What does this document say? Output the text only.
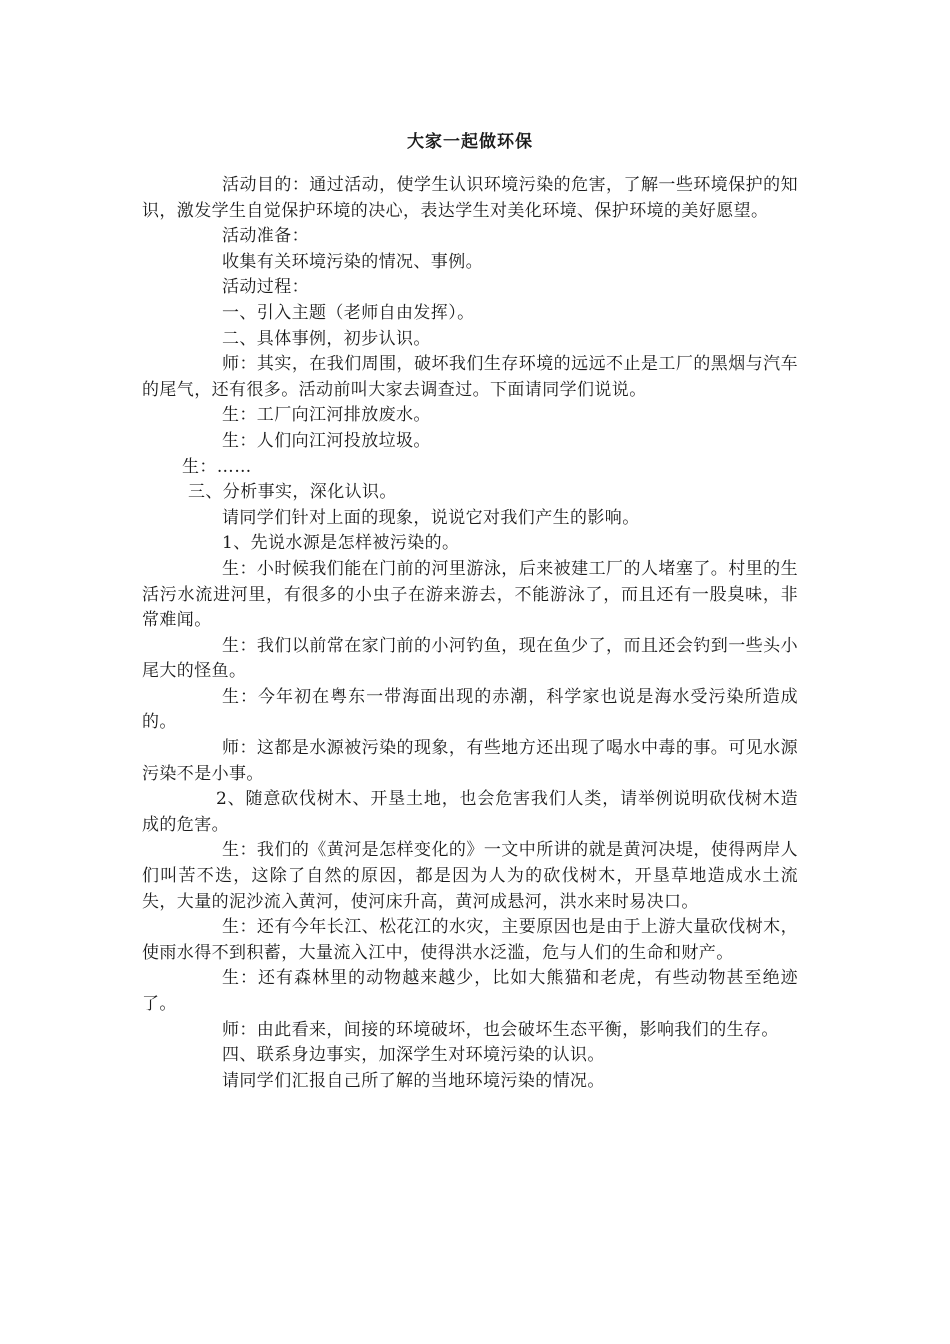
大家一起做环保

活动目的：通过活动，使学生认识环境污染的危害，了解一些环境保护的知识，激发学生自觉保护环境的决心，表达学生对美化环境、保护环境的美好愿望。

活动准备：

收集有关环境污染的情况、事例。

活动过程：

一、引入主题（老师自由发挥）。

二、具体事例，初步认识。

师：其实，在我们周围，破坏我们生存环境的远远不止是工厂的黑烟与汽车的尾气，还有很多。活动前叫大家去调查过。下面请同学们说说。

生：工厂向江河排放废水。

生：人们向江河投放垃圾。

生：……

三、分析事实，深化认识。

请同学们针对上面的现象，说说它对我们产生的影响。

1、先说水源是怎样被污染的。

生：小时候我们能在门前的河里游泳，后来被建工厂的人堵塞了。村里的生活污水流进河里，有很多的小虫子在游来游去，不能游泳了，而且还有一股臭味，非常难闻。

生：我们以前常在家门前的小河钓鱼，现在鱼少了，而且还会钓到一些头小尾大的怪鱼。

生：今年初在粤东一带海面出现的赤潮，科学家也说是海水受污染所造成的。

师：这都是水源被污染的现象，有些地方还出现了喝水中毒的事。可见水源污染不是小事。

2、随意砍伐树木、开垦土地，也会危害我们人类，请举例说明砍伐树木造成的危害。

生：我们的《黄河是怎样变化的》一文中所讲的就是黄河决堤，使得两岸人们叫苦不迭，这除了自然的原因，都是因为人为的砍伐树木，开垦草地造成水土流失，大量的泥沙流入黄河，使河床升高，黄河成悬河，洪水来时易决口。

生：还有今年长江、松花江的水灾，主要原因也是由于上游大量砍伐树木，使雨水得不到积蓄，大量流入江中，使得洪水泛滥，危与人们的生命和财产。

生：还有森林里的动物越来越少，比如大熊猫和老虎，有些动物甚至绝迹了。

师：由此看来，间接的环境破坏，也会破坏生态平衡，影响我们的生存。

四、联系身边事实，加深学生对环境污染的认识。

请同学们汇报自己所了解的当地环境污染的情况。
